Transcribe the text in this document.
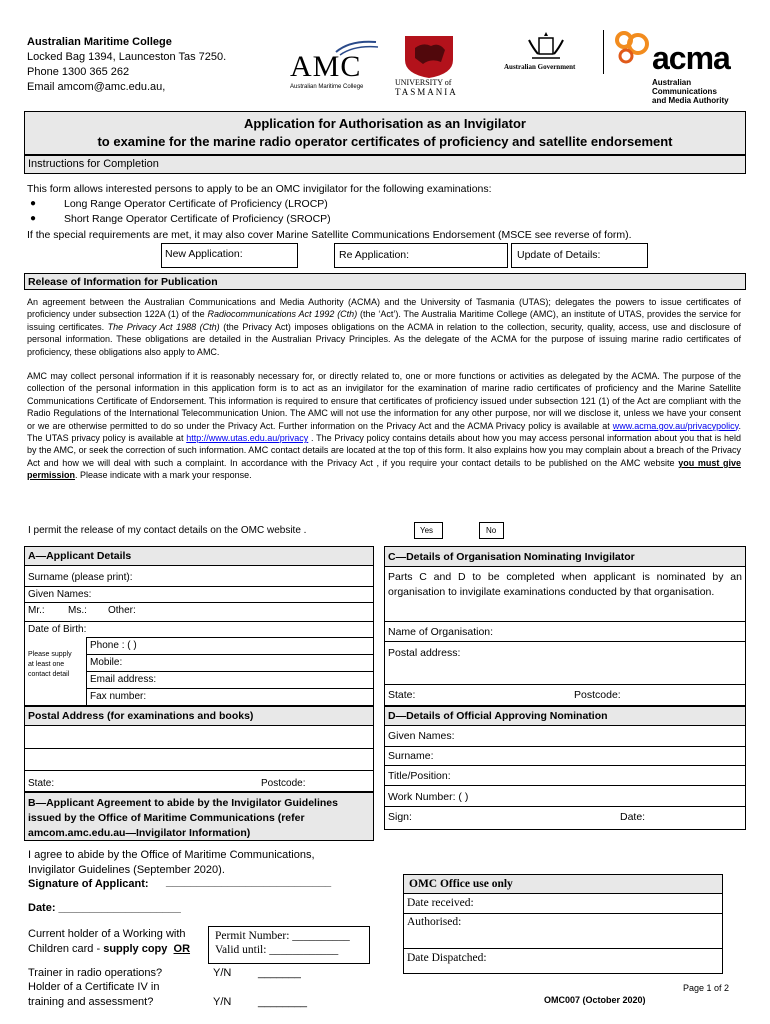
Australian Maritime College
Locked Bag 1394, Launceston Tas 7250.
Phone 1300 365 262
Email amcom@amc.edu.au,
AMC
Australian Maritime College	UNIVERSITY of
TASMANIA
Australian Government acma
Australian
Communications
and Media Authority
Application for Authorisation as an Invigilator
to examine for the marine radio operator certificates of proficiency and satellite endorsement
Instructions for Completion
This form allows interested persons to apply to be an OMC invigilator for the following examinations:
●	Long Range Operator Certificate of Proficiency (LROCP)
●	Short Range Operator Certificate of Proficiency (SROCP)
If the special requirements are met, it may also cover Marine Satellite Communications Endorsement (MSCE see reverse of form).
New Application:	Re Application:	Update of Details:
Release of Information for Publication

An agreement between the Australian Communications and Media Authority (ACMA) and the University of Tasmania (UTAS); delegates the powers to issue certificates of proficiency under subsection 122A (1) of the Radiocommunications Act 1992 (Cth) (the ‘Act’). The Australia Maritime College (AMC), an institute of UTAS, provides the service for issuing certificates. The Privacy Act 1988 (Cth) (the Privacy Act) imposes obligations on the ACMA in relation to the collection, security, quality, access, use and disclosure of personal information. These obligations are detailed in the Australian Privacy Principles. As the delegate of the ACMA for the purpose of issuing marine radio certificates of proficiency, these obligations also apply to AMC.

AMC may collect personal information if it is reasonably necessary for, or directly related to, one or more functions or activities as delegated by the ACMA. The purpose of the collection of the personal information in this application form is to act as an invigilator for the examination of marine radio certificates of proficiency and the Marine Satellite Communications Certificate of Endorsement. This information is required to ensure that certificates of proficiency issued under subsection 121 (1) of the Act are compliant with the Radio Regulations of the International Telecommunication Union. The AMC will not use the information for any other purpose, nor will we disclose it, unless we have your consent or we are otherwise permitted to do so under the Privacy Act. Further information on the Privacy Act and the ACMA Privacy policy is available at www.acma.gov.au/privacypolicy. The UTAS privacy policy is available at http://www.utas.edu.au/privacy . The Privacy policy contains details about how you may access personal information about you that is held by the AMC, or seek the correction of such information. AMC contact details are located at the top of this form. It also explains how you may complain about a breach of the Privacy Act and how we will deal with such a complaint. In accordance with the Privacy Act , if you require your contact details to be published on the AMC website you must give permission. Please indicate with a mark your response.

I permit the release of my contact details on the OMC website .	Yes	No
A—Applicant Details
Surname (please print):
Given Names:
Mr.: Ms.: Other:
Date of Birth:
Please supply
at least one
contact detail
Phone : ( )
Mobile:
Email address:
Fax number:
Postal Address (for examinations and books)
State:	Postcode:
B—Applicant Agreement to abide by the Invigilator Guidelines
issued by the Office of Maritime Communications (refer
amcom.amc.edu.au—Invigilator Information)
I agree to abide by the Office of Maritime Communications,
Invigilator Guidelines (September 2020).
Signature of Applicant: ___________________________
Date: ____________________
Current holder of a Working with
Children card - supply copy OR
Permit Number: __________
Valid until: ____________
Trainer in radio operations?	Y/N _______
Holder of a Certificate IV in
training and assessment?	Y/N ________
C—Details of Organisation Nominating Invigilator
Parts C and D to be completed when applicant is nominated by an organisation to invigilate examinations conducted by that organisation.
Name of Organisation:
Postal address:
State:	Postcode:
D—Details of Official Approving Nomination
Given Names:
Surname:
Title/Position:
Work Number: ( )
Sign:	Date:
OMC Office use only
Date received:
Authorised:
Date Dispatched:
Page 1 of 2
OMC007 (October 2020)
